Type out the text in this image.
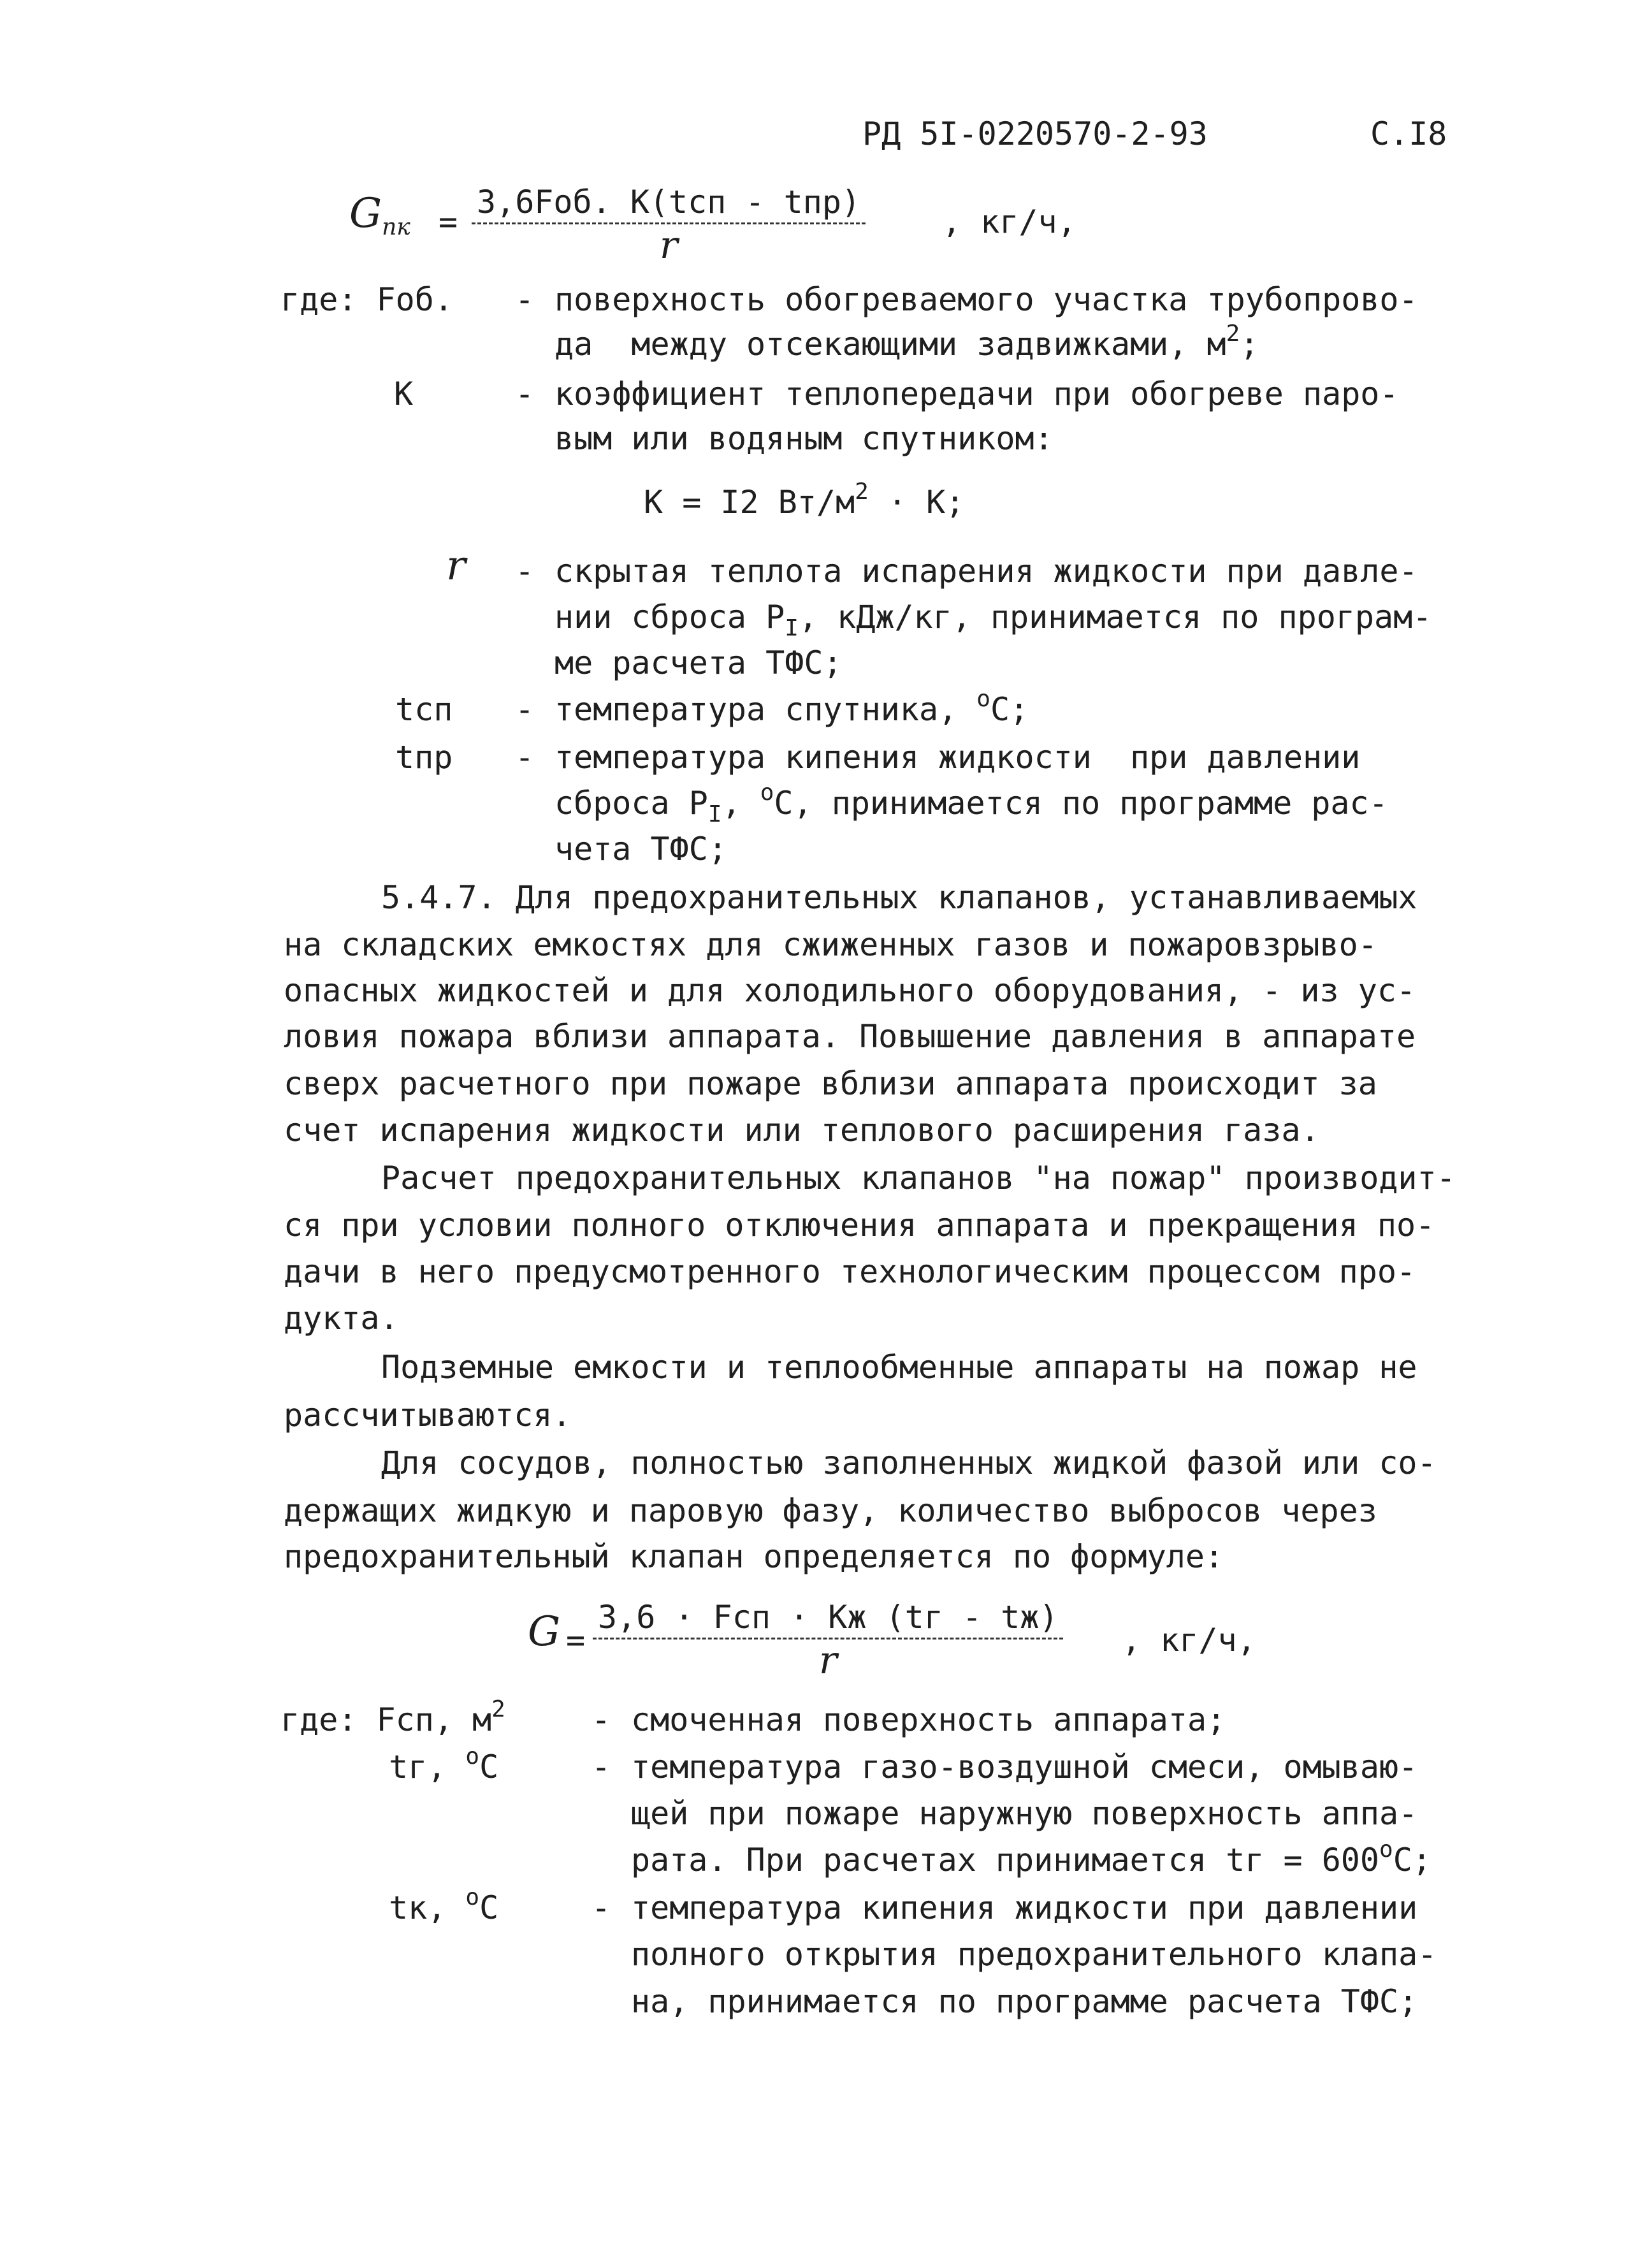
РД 5I-0220570-2-93	С.I8
Gпк =
3,6Fоб. K(tсп - tпр)
r
, кг/ч,
где: Fоб. - поверхность обогреваемого участка трубопрово-
да  между отсекающими задвижками, $м^2$;
K	- коэффициент теплопередачи при обогреве паро-
вым или водяным спутником:
K = I2 $Вт/м^2 \cdot К$;
r - скрытая теплота испарения жидкости при давле-
нии сброса $P_I$, кДж/кг, принимается по програм-
ме расчета ТФС;
tсп - температура спутника, $^о$С;
tпр - температура кипения жидкости  при давлении
сброса $P_I$, $^о$С, принимается по программе рас-
чета ТФС;
5.4.7. Для предохранительных клапанов, устанавливаемых
на складских емкостях для сжиженных газов и пожаровзрыво-
опасных жидкостей и для холодильного оборудования, - из ус-
ловия пожара вблизи аппарата. Повышение давления в аппарате
сверх расчетного при пожаре вблизи аппарата происходит за
счет испарения жидкости или теплового расширения газа.
Расчет предохранительных клапанов "на пожар" производит-
ся при условии полного отключения аппарата и прекращения по-
дачи в него предусмотренного технологическим процессом про-
дукта.
Подземные емкости и теплообменные аппараты на пожар не
рассчитываются.
Для сосудов, полностью заполненных жидкой фазой или со-
держащих жидкую и паровую фазу, количество выбросов через
предохранительный клапан определяется по формуле:
G =
3,6 · Fсп · Kж (tг - tж)
r	, кг/ч,
где: Fсп, $м^2$	- смоченная поверхность аппарата;
tг, $^о$С	- температура газо-воздушной смеси, омываю-
щей при пожаре наружную поверхность аппа-
рата. При расчетах принимается tг = $600^оС$;
tк, $^о$С	- температура кипения жидкости при давлении
полного открытия предохранительного клапа-
на, принимается по программе расчета ТФС;
